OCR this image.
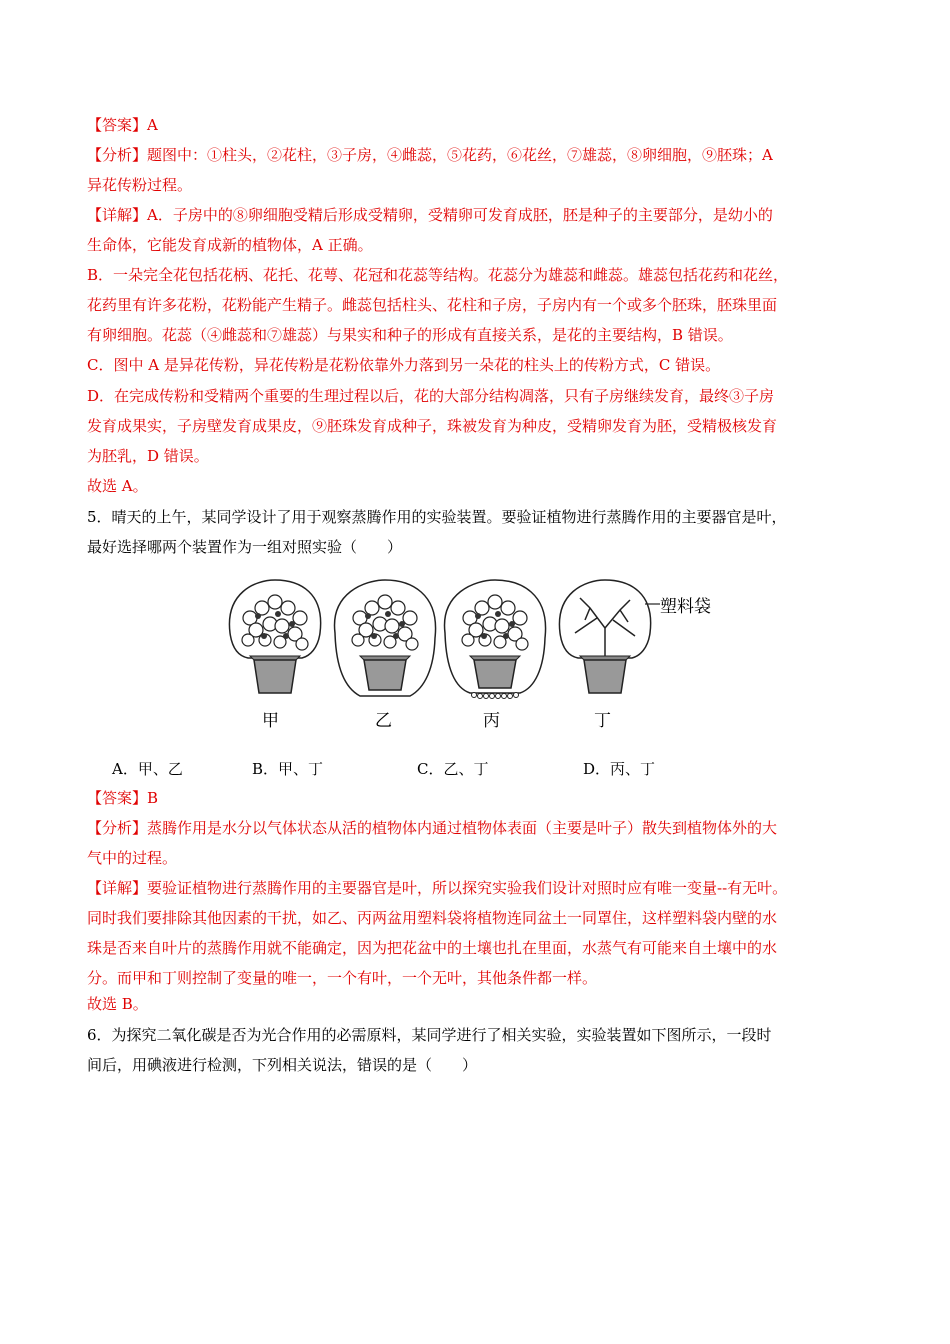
【答案】A
【分析】题图中：①柱头，②花柱，③子房，④雌蕊，⑤花药，⑥花丝，⑦雄蕊，⑧卵细胞，⑨胚珠；A
异花传粉过程。
【详解】A．子房中的⑧卵细胞受精后形成受精卵，受精卵可发育成胚，胚是种子的主要部分，是幼小的
生命体，它能发育成新的植物体，A 正确。
B．一朵完全花包括花柄、花托、花萼、花冠和花蕊等结构。花蕊分为雄蕊和雌蕊。雄蕊包括花药和花丝，
花药里有许多花粉，花粉能产生精子。雌蕊包括柱头、花柱和子房，子房内有一个或多个胚珠，胚珠里面
有卵细胞。花蕊（④雌蕊和⑦雄蕊）与果实和种子的形成有直接关系，是花的主要结构，B 错误。
C．图中 A 是异花传粉，异花传粉是花粉依靠外力落到另一朵花的柱头上的传粉方式，C 错误。
D．在完成传粉和受精两个重要的生理过程以后，花的大部分结构凋落，只有子房继续发育，最终③子房
发育成果实，子房壁发育成果皮，⑨胚珠发育成种子，珠被发育为种皮，受精卵发育为胚，受精极核发育
为胚乳，D 错误。
故选 A。
5．晴天的上午，某同学设计了用于观察蒸腾作用的实验装置。要验证植物进行蒸腾作用的主要器官是叶，
最好选择哪两个装置作为一组对照实验（　　）
塑料袋
甲	乙	丙	丁
A．甲、乙	B．甲、丁	C．乙、丁	D．丙、丁
【答案】B
【分析】蒸腾作用是水分以气体状态从活的植物体内通过植物体表面（主要是叶子）散失到植物体外的大
气中的过程。
【详解】要验证植物进行蒸腾作用的主要器官是叶，所以探究实验我们设计对照时应有唯一变量--有无叶。
同时我们要排除其他因素的干扰，如乙、丙两盆用塑料袋将植物连同盆土一同罩住，这样塑料袋内壁的水
珠是否来自叶片的蒸腾作用就不能确定，因为把花盆中的土壤也扎在里面，水蒸气有可能来自土壤中的水
分。而甲和丁则控制了变量的唯一，一个有叶，一个无叶，其他条件都一样。
故选 B。
6．为探究二氧化碳是否为光合作用的必需原料，某同学进行了相关实验，实验装置如下图所示，一段时
间后，用碘液进行检测，下列相关说法，错误的是（　　）
